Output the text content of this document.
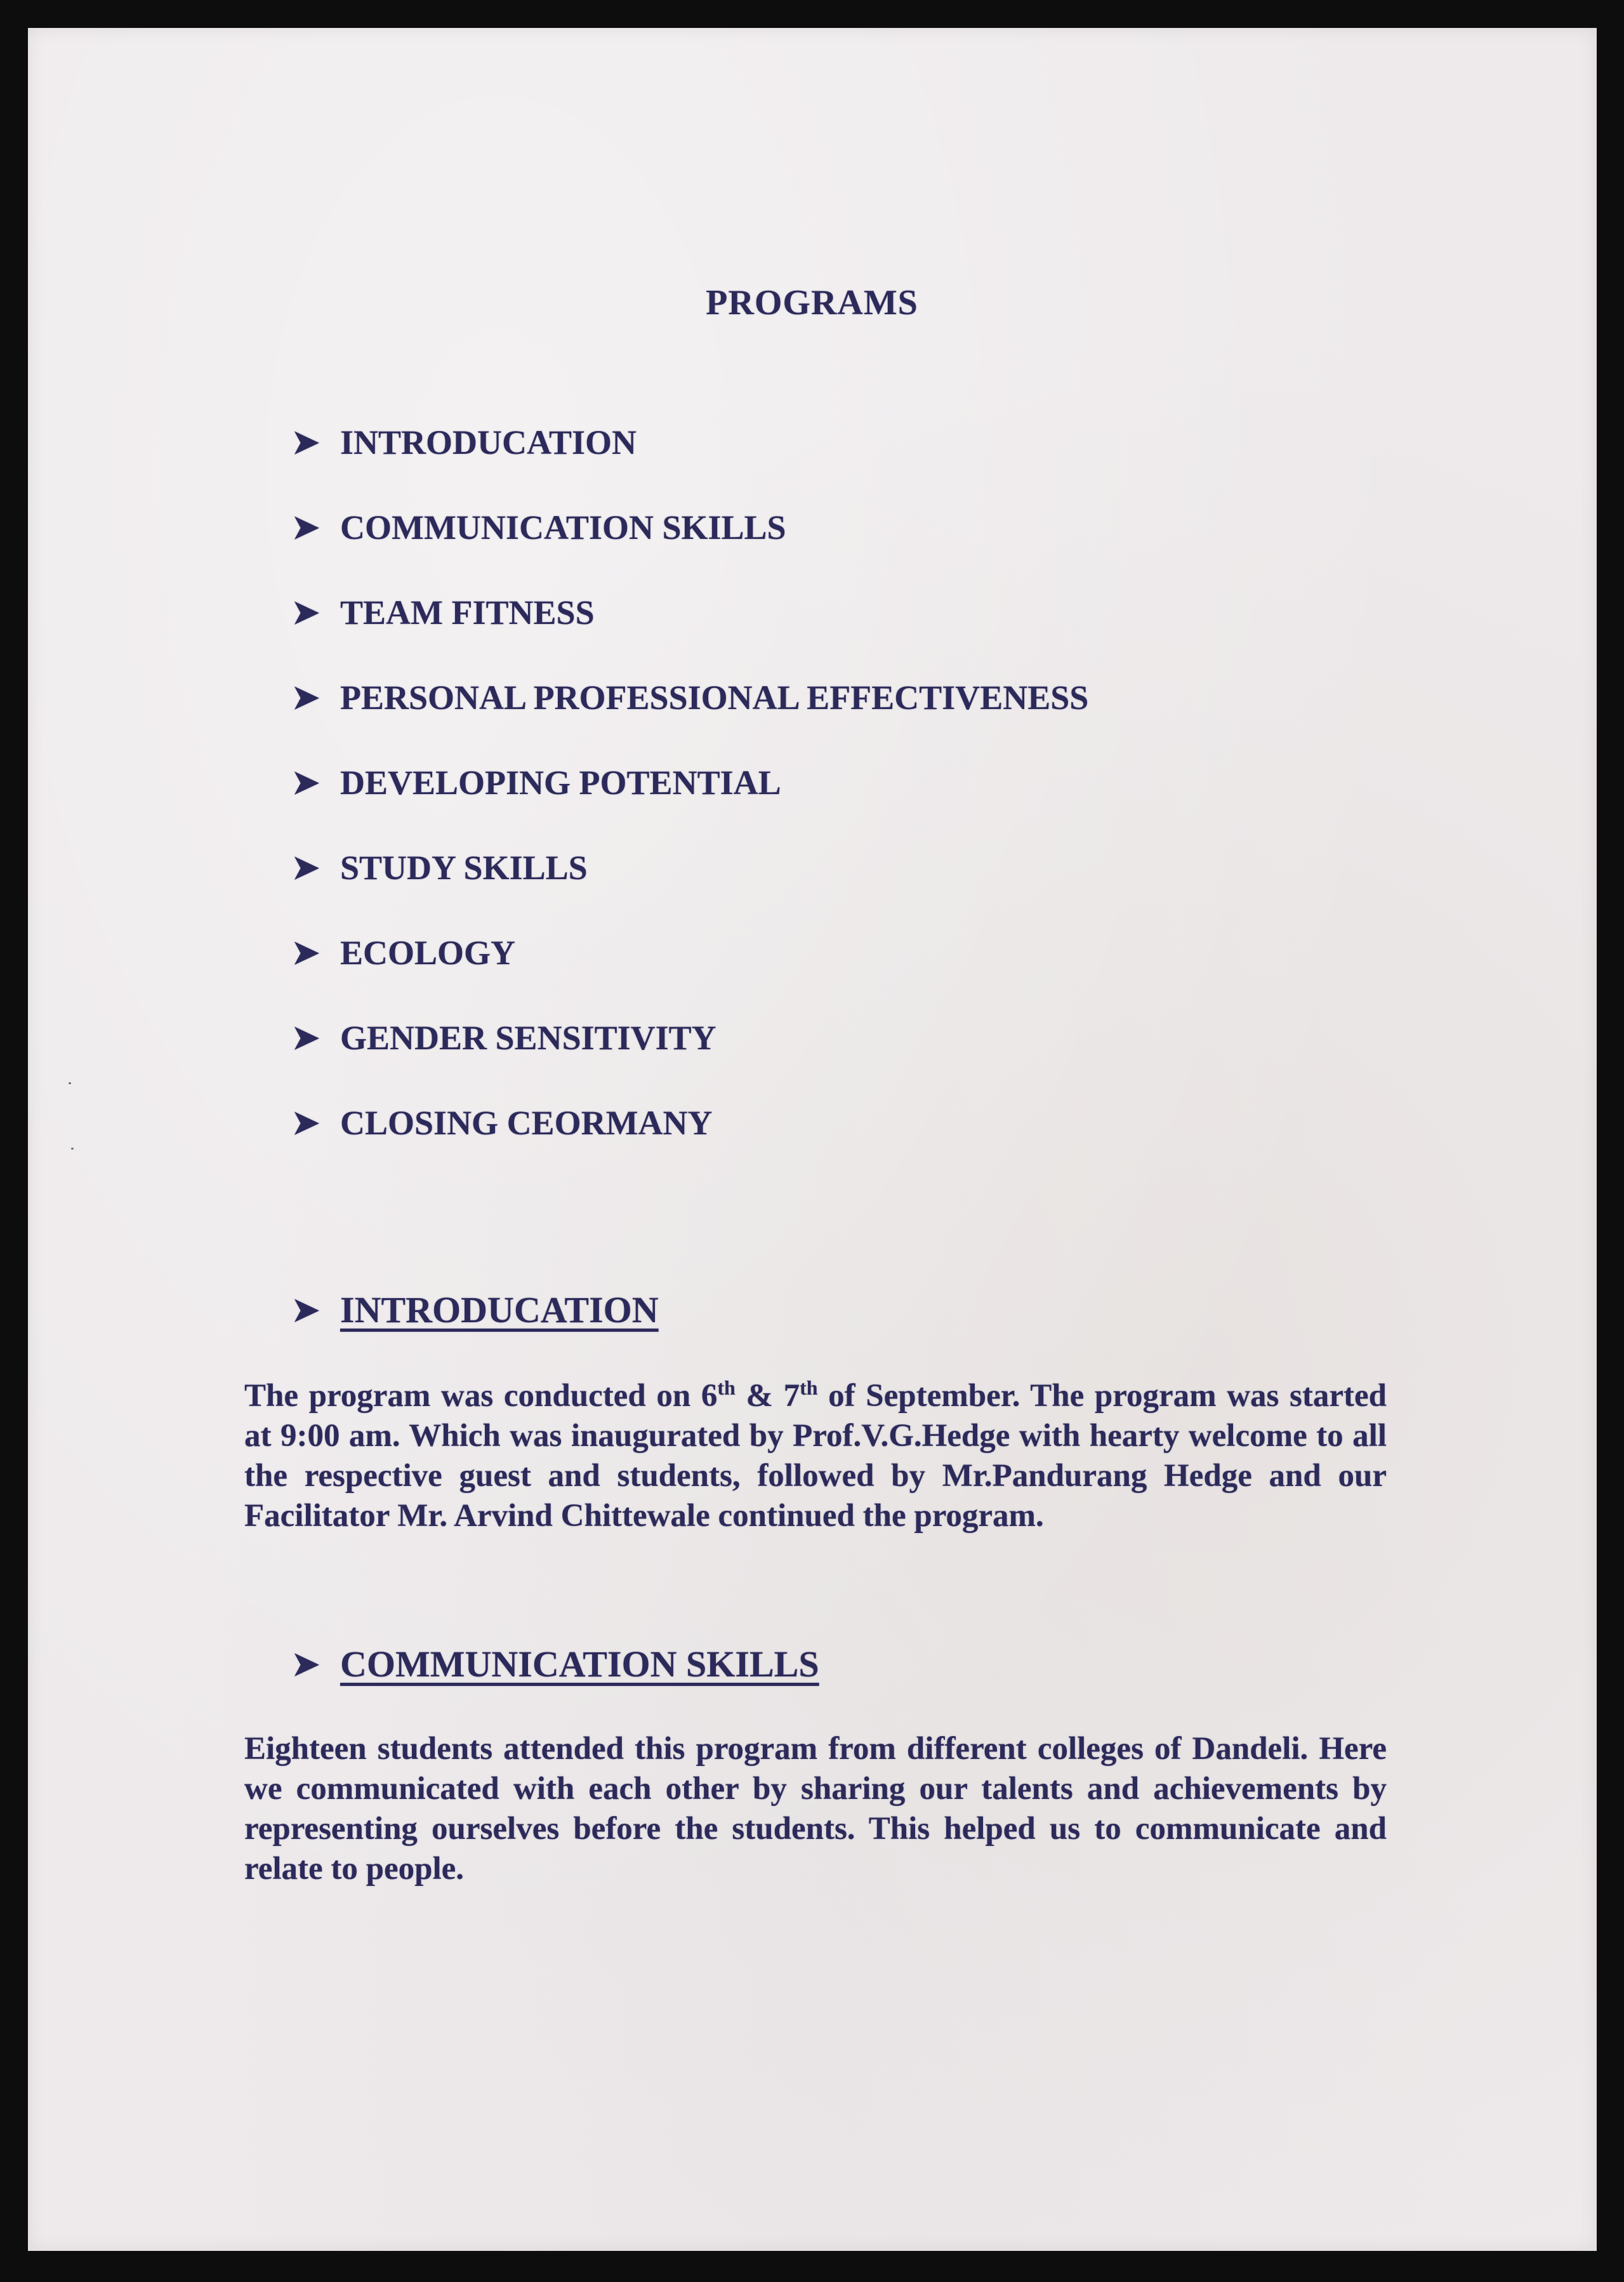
PROGRAMS
➤ INTRODUCATION
➤ COMMUNICATION SKILLS
➤ TEAM FITNESS
➤ PERSONAL PROFESSIONAL EFFECTIVENESS
➤ DEVELOPING POTENTIAL
➤ STUDY SKILLS
➤ ECOLOGY
➤ GENDER SENSITIVITY
➤ CLOSING CEORMANY
➤ INTRODUCATION

The program was conducted on 6th & 7th of September. The program was started at 9:00 am. Which was inaugurated by Prof.V.G.Hedge with hearty welcome to all the respective guest and students, followed by Mr.Pandurang Hedge and our Facilitator Mr. Arvind Chittewale continued the program.

➤ COMMUNICATION SKILLS

Eighteen students attended this program from different colleges of Dandeli. Here we communicated with each other by sharing our talents and achievements by representing ourselves before the students. This helped us to communicate and relate to people.
